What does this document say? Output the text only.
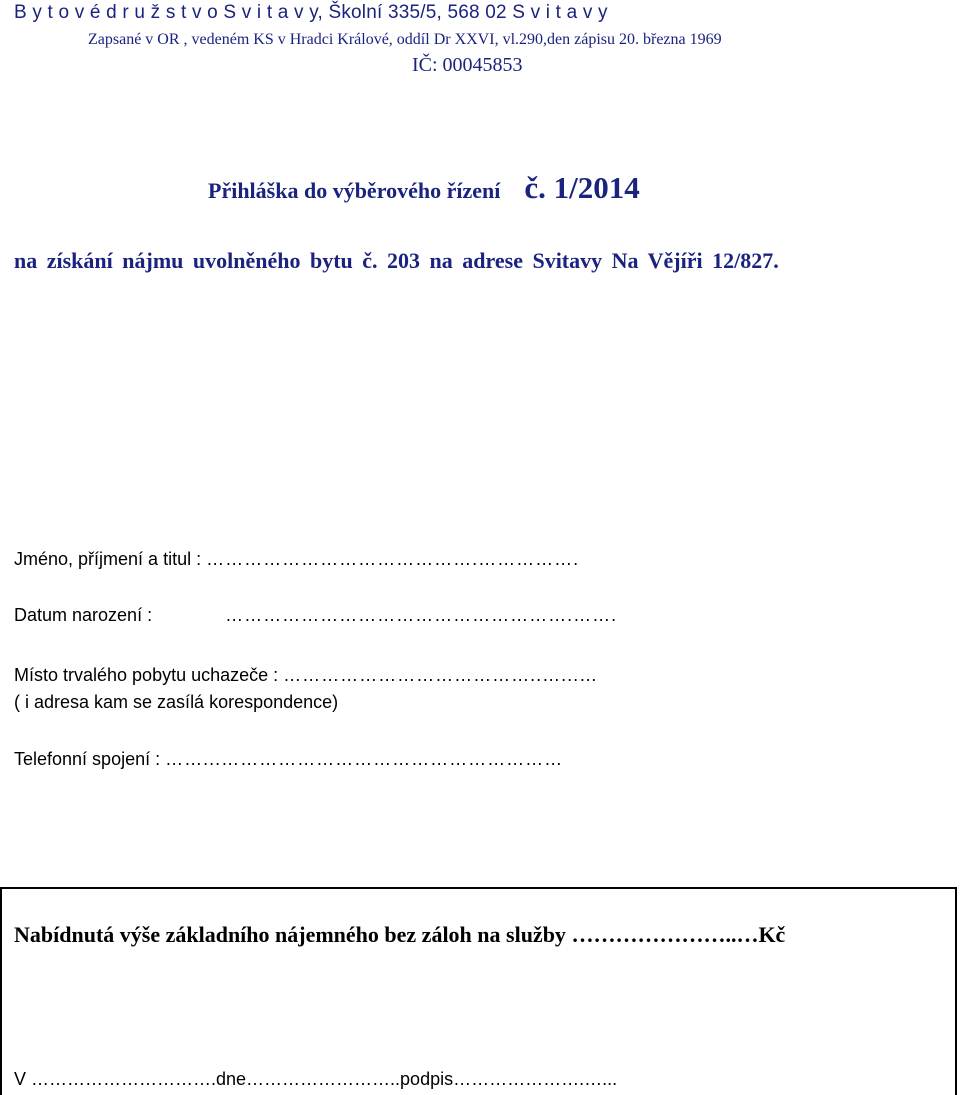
B y t o v é d r u ž s t v o S v i t a v y, Školní 335/5, 568 02 S v i t a v y
Zapsané v OR , vedeném KS v Hradci Králové, oddíl Dr XXVI, vl.290,den zápisu 20. března 1969
IČ: 00045853
Přihláška do výběrového řízení č. 1/2014
na získání nájmu uvolněného bytu č. 203 na adrese Svitavy Na Vějíři 12/827.
Jméno, příjmení a titul : …………………………………….…………….
Datum narození :	……………………………………………….…….
Místo trvalého pobytu uchazeče : …………………………………..…...…
( i adresa kam se zasílá korespondence)
Telefonní spojení : ……...………………………………………………
Nabídnutá výše základního nájemného bez záloh na služby …………………..…Kč
V ………………………….dne……………………..podpis………………….…...
